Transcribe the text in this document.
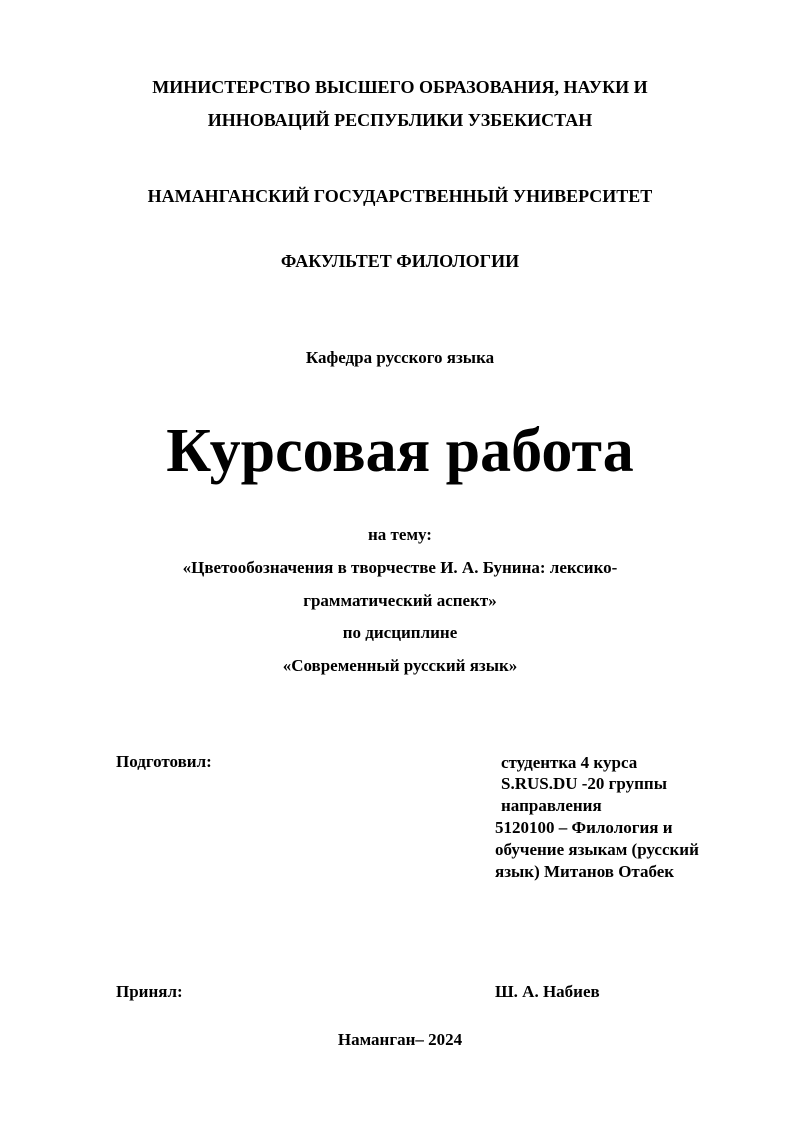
МИНИСТЕРСТВО ВЫСШЕГО ОБРАЗОВАНИЯ, НАУКИ И
ИННОВАЦИЙ РЕСПУБЛИКИ УЗБЕКИСТАН
НАМАНГАНСКИЙ ГОСУДАРСТВЕННЫЙ УНИВЕРСИТЕТ
ФАКУЛЬТЕТ ФИЛОЛОГИИ
Кафедра русского языка
Курсовая работа
на тему:
«Цветообозначения в творчестве И. А. Бунина: лексико-
грамматический аспект»
по дисциплине
«Современный русский язык»
Подготовил:	студентка 4 курса
S.RUS.DU -20 группы
направления
5120100 – Филология и
обучение языкам (русский
язык) Митанов Отабек
Принял:	Ш. А. Набиев
Наманган– 2024
